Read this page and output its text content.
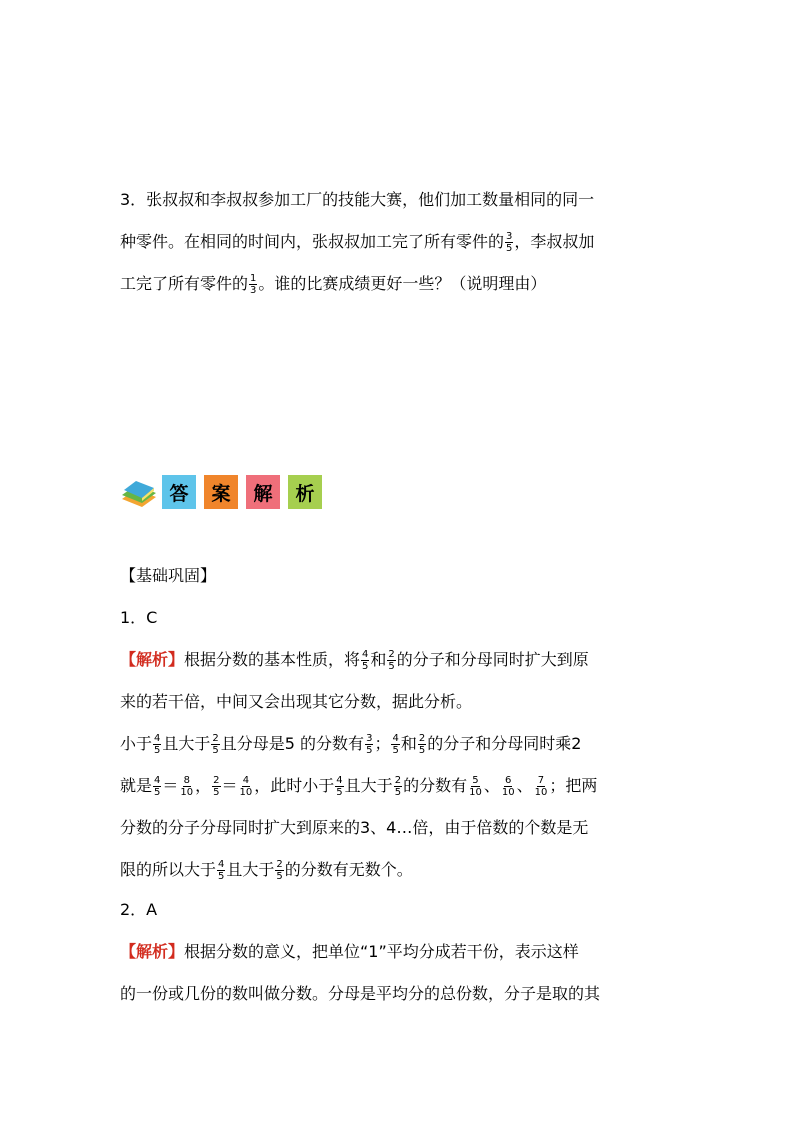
3．张叔叔和李叔叔参加工厂的技能大赛，他们加工数量相同的同一
种零件。在相同的时间内，张叔叔加工完了所有零件的 $\frac{3}{5}$ ，李叔叔加
工完了所有零件的 $\frac{1}{3}$ 。谁的比赛成绩更好一些？（说明理由）
答	案	解	析
【基础巩固】
1．C
【解析】根据分数的基本性质，将 $\frac{4}{5}$ 和 $\frac{2}{5}$ 的分子和分母同时扩大到原
来的若干倍，中间又会出现其它分数，据此分析。
小于 $\frac{4}{5}$ 且大于 $\frac{2}{5}$ 且分母是5 的分数有 $\frac{3}{5}$ ； $\frac{4}{5}$ 和 $\frac{2}{5}$ 的分子和分母同时乘2
就是 $\frac{4}{5} = \frac{8}{10}$ ， $\frac{2}{5} = \frac{4}{10}$ ，此时小于 $\frac{4}{5}$ 且大于 $\frac{2}{5}$ 的分数有 $\frac{5}{10}$ 、 $\frac{6}{10}$ 、 $\frac{7}{10}$ ；把两
分数的分子分母同时扩大到原来的3、4…倍，由于倍数的个数是无
限的所以大于 $\frac{4}{5}$ 且大于 $\frac{2}{5}$ 的分数有无数个。
2．A
【解析】根据分数的意义，把单位“1”平均分成若干份，表示这样
的一份或几份的数叫做分数。分母是平均分的总份数，分子是取的其
